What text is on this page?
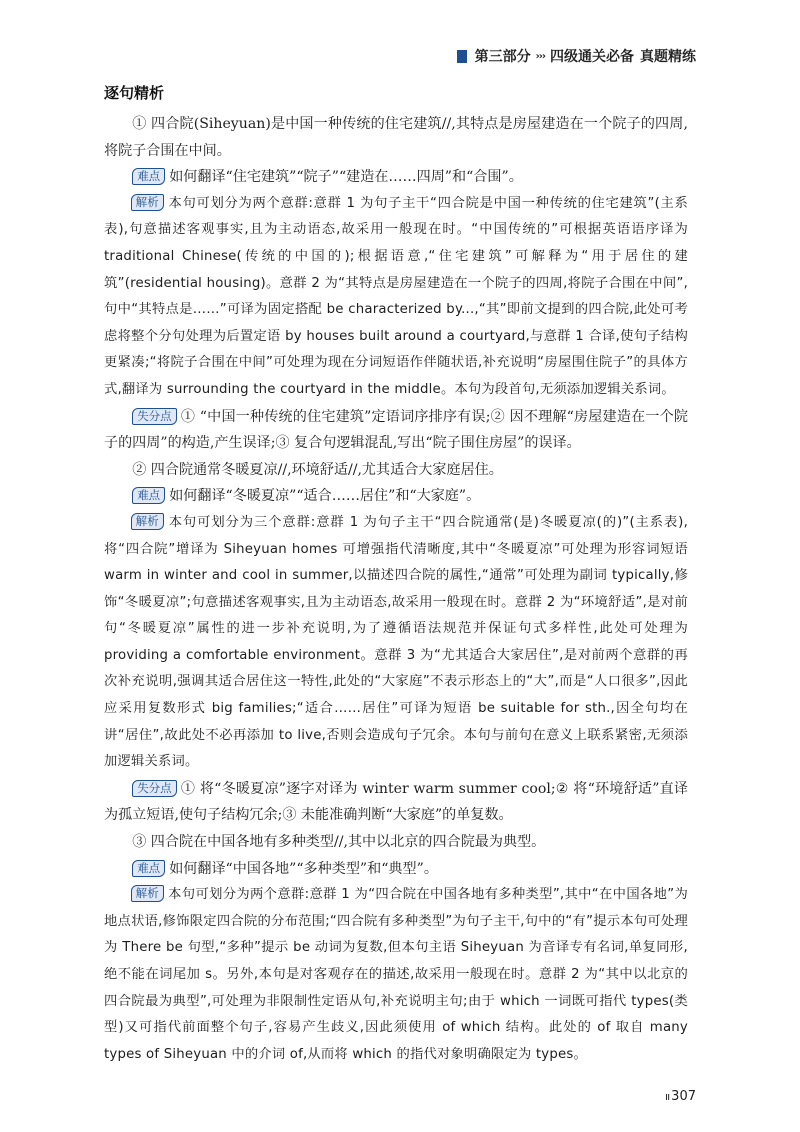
第三部分 ››› 四级通关必备 真题精练
逐句精析

① 四合院(Siheyuan)是中国一种传统的住宅建筑//,其特点是房屋建造在一个院子的四周,将院子合围在中间。

难点 如何翻译“住宅建筑”“院子”“建造在……四周”和“合围”。

解析 本句可划分为两个意群:意群 1 为句子主干“四合院是中国一种传统的住宅建筑”(主系表),句意描述客观事实,且为主动语态,故采用一般现在时。“中国传统的”可根据英语语序译为 traditional Chinese(传统的中国的);根据语意,“住宅建筑”可解释为“用于居住的建筑”(residential housing)。意群 2 为“其特点是房屋建造在一个院子的四周,将院子合围在中间”,句中“其特点是……”可译为固定搭配 be characterized by...,“其”即前文提到的四合院,此处可考虑将整个分句处理为后置定语 by houses built around a courtyard,与意群 1 合译,使句子结构更紧凑;“将院子合围在中间”可处理为现在分词短语作伴随状语,补充说明“房屋围住院子”的具体方式,翻译为 surrounding the courtyard in the middle。本句为段首句,无须添加逻辑关系词。

失分点 ① “中国一种传统的住宅建筑”定语词序排序有误;② 因不理解“房屋建造在一个院子的四周”的构造,产生误译;③ 复合句逻辑混乱,写出“院子围住房屋”的误译。

② 四合院通常冬暖夏凉//,环境舒适//,尤其适合大家庭居住。

难点 如何翻译“冬暖夏凉”“适合……居住”和“大家庭”。

解析 本句可划分为三个意群:意群 1 为句子主干“四合院通常(是)冬暖夏凉(的)”(主系表),将“四合院”增译为 Siheyuan homes 可增强指代清晰度,其中“冬暖夏凉”可处理为形容词短语 warm in winter and cool in summer,以描述四合院的属性,“通常”可处理为副词 typically,修饰“冬暖夏凉”;句意描述客观事实,且为主动语态,故采用一般现在时。意群 2 为“环境舒适”,是对前句“冬暖夏凉”属性的进一步补充说明,为了遵循语法规范并保证句式多样性,此处可处理为 providing a comfortable environment。意群 3 为“尤其适合大家居住”,是对前两个意群的再次补充说明,强调其适合居住这一特性,此处的“大家庭”不表示形态上的“大”,而是“人口很多”,因此应采用复数形式 big families;“适合……居住”可译为短语 be suitable for sth.,因全句均在讲“居住”,故此处不必再添加 to live,否则会造成句子冗余。本句与前句在意义上联系紧密,无须添加逻辑关系词。

失分点 ① 将“冬暖夏凉”逐字对译为 winter warm summer cool;② 将“环境舒适”直译为孤立短语,使句子结构冗余;③ 未能准确判断“大家庭”的单复数。

③ 四合院在中国各地有多种类型//,其中以北京的四合院最为典型。

难点 如何翻译“中国各地”“多种类型”和“典型”。

解析 本句可划分为两个意群:意群 1 为“四合院在中国各地有多种类型”,其中“在中国各地”为地点状语,修饰限定四合院的分布范围;“四合院有多种类型”为句子主干,句中的“有”提示本句可处理为 There be 句型,“多种”提示 be 动词为复数,但本句主语 Siheyuan 为音译专有名词,单复同形,绝不能在词尾加 s。另外,本句是对客观存在的描述,故采用一般现在时。意群 2 为“其中以北京的四合院最为典型”,可处理为非限制性定语从句,补充说明主句;由于 which 一词既可指代 types(类型)又可指代前面整个句子,容易产生歧义,因此须使用 of which 结构。此处的 of 取自 many types of Siheyuan 中的介词 of,从而将 which 的指代对象明确限定为 types。

ıı 307
